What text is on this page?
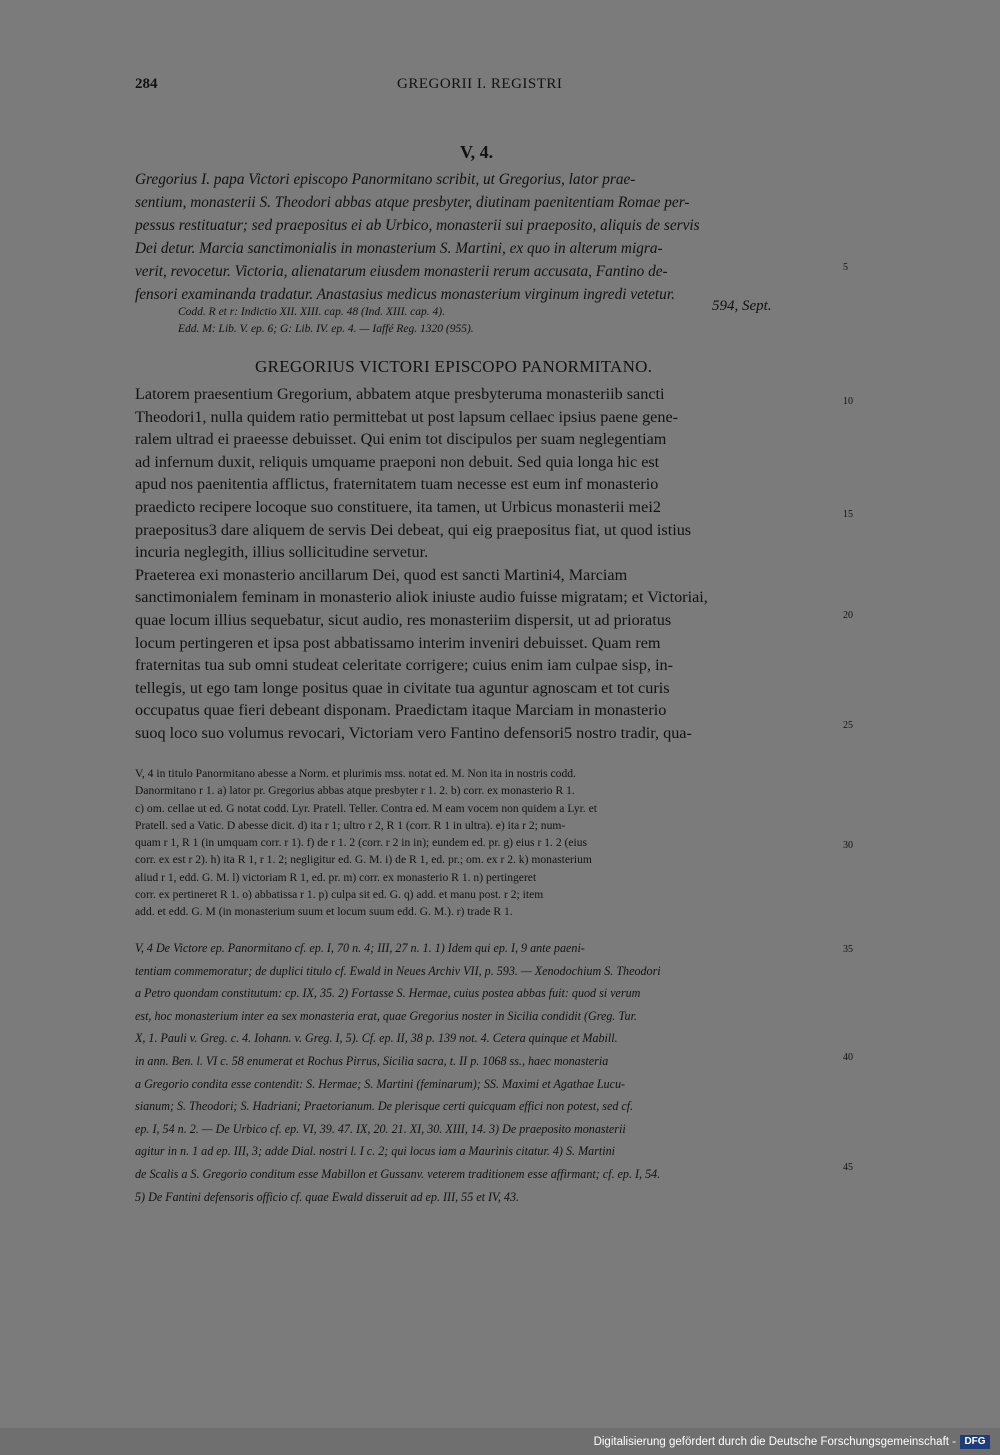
284	GREGORII I. REGISTRI
V, 4.
Gregorius I. papa Victori episcopo Panormitano scribit, ut Gregorius, lator prae-
sentium, monasterii S. Theodori abbas atque presbyter, diutinam paenitentiam Romae per-
pessus restituatur; sed praepositus ei ab Urbico, monasterii sui praeposito, aliquis de servis
Dei detur. Marcia sanctimonialis in monasterium S. Martini, ex quo in alterum migra-
verit, revocetur. Victoria, alienatarum eiusdem monasterii rerum accusata, Fantino de-
fensori examinanda tradatur. Anastasius medicus monasterium virginum ingredi vetetur.
Codd. R et r: Indictio XII. XIII. cap. 48 (Ind. XIII. cap. 4).
Edd. M: Lib. V. ep. 6; G: Lib. IV. ep. 4. — Iaffé Reg. 1320 (955).
594, Sept.
GREGORIUS VICTORI EPISCOPO PANORMITANO.
Latorem praesentium Gregorium, abbatem atque presbyteruma monasteriib sancti
Theodori1, nulla quidem ratio permittebat ut post lapsum cellaec ipsius paene gene-
ralem ultrad ei praeesse debuisset. Qui enim tot discipulos per suam neglegentiam
ad infernum duxit, reliquis umquame praeponi non debuit. Sed quia longa hic est
apud nos paenitentia afflictus, fraternitatem tuam necesse est eum inf monasterio
praedicto recipere locoque suo constituere, ita tamen, ut Urbicus monasterii mei2
praepositus3 dare aliquem de servis Dei debeat, qui eig praepositus fiat, ut quod istius
incuria neglegith, illius sollicitudine servetur.
Praeterea exi monasterio ancillarum Dei, quod est sancti Martini4, Marciam
sanctimonialem feminam in monasterio aliok iniuste audio fuisse migratam; et Victoriai,
quae locum illius sequebatur, sicut audio, res monasteriim dispersit, ut ad prioratus
locum pertingeren et ipsa post abbatissamo interim inveniri debuisset. Quam rem
fraternitas tua sub omni studeat celeritate corrigere; cuius enim iam culpae sisp, in-
tellegis, ut ego tam longe positus quae in civitate tua aguntur agnoscam et tot curis
occupatus quae fieri debeant disponam. Praedictam itaque Marciam in monasterio
suoq loco suo volumus revocari, Victoriam vero Fantino defensori5 nostro tradir, qua-
V, 4 in titulo Panormitano abesse a Norm. et plurimis mss. notat ed. M. Non ita in nostris codd.
Danormitano r 1. a) lator pr. Gregorius abbas atque presbyter r 1. 2. b) corr. ex monasterio R 1.
c) om. cellae ut ed. G notat codd. Lyr. Pratell. Teller. Contra ed. M eam vocem non quidem a Lyr. et
Pratell. sed a Vatic. D abesse dicit. d) ita r 1; ultro r 2, R 1 (corr. R 1 in ultra). e) ita r 2; num-
quam r 1, R 1 (in umquam corr. r 1). f) de r 1. 2 (corr. r 2 in in); eundem ed. pr. g) eius r 1. 2 (eius
corr. ex est r 2). h) ita R 1, r 1. 2; negligitur ed. G. M. i) de R 1, ed. pr.; om. ex r 2. k) monasterium
aliud r 1, edd. G. M. l) victoriam R 1, ed. pr. m) corr. ex monasterio R 1. n) pertingeret
corr. ex pertineret R 1. o) abbatissa r 1. p) culpa sit ed. G. q) add. et manu post. r 2; item
add. et edd. G. M (in monasterium suum et locum suum edd. G. M.). r) trade R 1.
V, 4 De Victore ep. Panormitano cf. ep. I, 70 n. 4; III, 27 n. 1. 1) Idem qui ep. I, 9 ante paeni-
tentiam commemoratur; de duplici titulo cf. Ewald in Neues Archiv VII, p. 593. — Xenodochium S. Theodori
a Petro quondam constitutum: cp. IX, 35. 2) Fortasse S. Hermae, cuius postea abbas fuit: quod si verum
est, hoc monasterium inter ea sex monasteria erat, quae Gregorius noster in Sicilia condidit (Greg. Tur.
X, 1. Pauli v. Greg. c. 4. Iohann. v. Greg. I, 5). Cf. ep. II, 38 p. 139 not. 4. Cetera quinque et Mabill.
in ann. Ben. l. VI c. 58 enumerat et Rochus Pirrus, Sicilia sacra, t. II p. 1068 ss., haec monasteria
a Gregorio condita esse contendit: S. Hermae; S. Martini (feminarum); SS. Maximi et Agathae Lucu-
sianum; S. Theodori; S. Hadriani; Praetorianum. De plerisque certi quicquam effici non potest, sed cf.
ep. I, 54 n. 2. — De Urbico cf. ep. VI, 39. 47. IX, 20. 21. XI, 30. XIII, 14. 3) De praeposito monasterii
agitur in n. 1 ad ep. III, 3; adde Dial. nostri l. I c. 2; qui locus iam a Maurinis citatur. 4) S. Martini
de Scalis a S. Gregorio conditum esse Mabillon et Gussanv. veterem traditionem esse affirmant; cf. ep. I, 54.
5) De Fantini defensoris officio cf. quae Ewald disseruit ad ep. III, 55 et IV, 43.
5
10
15
20
25
30
35
40
45
Digitalisierung gefördert durch die Deutsche Forschungsgemeinschaft - DFG
